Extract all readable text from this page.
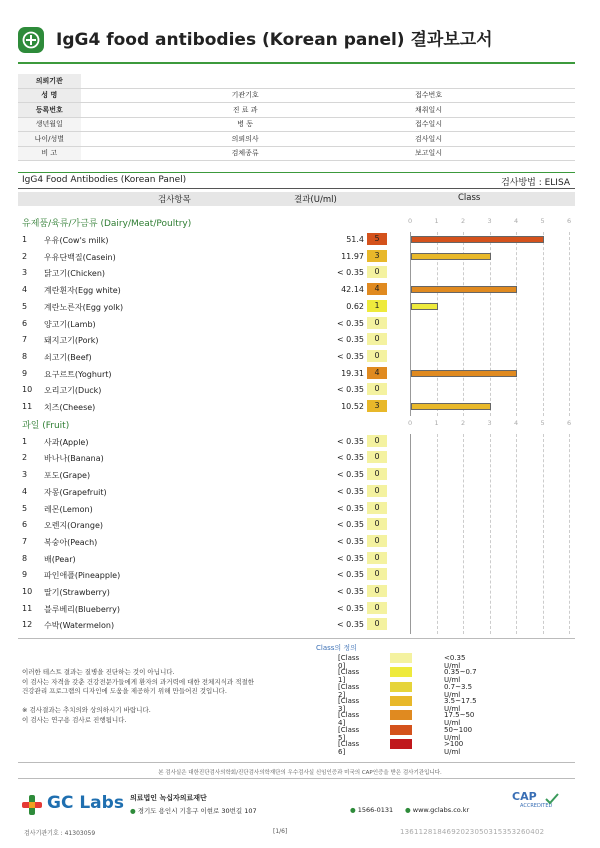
IgG4 food antibodies (Korean panel) 결과보고서
의뢰기관					
성 명		기관기호		접수번호	
등록번호		진 료 과		채취일시	
생년월일		병 동		접수일시	
나이/성별		의뢰의사		검사일시	
비 고		검체종류		보고일시	
IgG4 Food Antibodies (Korean Panel)	검사방법 : ELISA
검사항목	결과(U/ml)	Class
유제품/육류/가금류 (Dairy/Meat/Poultry)	0	1	2	3	4	5	6
1 우유(Cow's milk)	51.4	5
2 우유단백질(Casein)	11.97	3
3 닭고기(Chicken)	< 0.35	0
4 계란흰자(Egg white)	42.14	4
5 계란노른자(Egg yolk)	0.62	1
6 양고기(Lamb)	< 0.35	0
7 돼지고기(Pork)	< 0.35	0
8 쇠고기(Beef)	< 0.35	0
9 요구르트(Yoghurt)	19.31	4
10 오리고기(Duck)	< 0.35	0
11 치즈(Cheese)	10.52	3
과일 (Fruit)	0	1	2	3	4	5	6
1 사과(Apple)	< 0.35	0
2 바나나(Banana)	< 0.35	0
3 포도(Grape)	< 0.35	0
4 자몽(Grapefruit)	< 0.35	0
5 레몬(Lemon)	< 0.35	0
6 오렌지(Orange)	< 0.35	0
7 복숭아(Peach)	< 0.35	0
8 배(Pear)	< 0.35	0
9 파인애플(Pineapple)	< 0.35	0
10 딸기(Strawberry)	< 0.35	0
11 블루베리(Blueberry)	< 0.35	0
12 수박(Watermelon)	< 0.35	0
이러한 테스트 결과는 질병을 진단하는 것이 아닙니다.
이 검사는 자격을 갖춘 건강전문가들에게 환자의 과거력에 대한 전체지식과 적절한
건강관리 프로그램의 디자인에 도움을 제공하기 위해 만들어진 것입니다.
※ 검사결과는 추치의와 상의하시기 바랍니다.
이 검사는 연구용 검사로 진행됩니다.
Class의 정의
[Class 0]
<0.35 U/ml
[Class 1]
0.35~0.7 U/ml
[Class 2]
0.7~3.5 U/ml
[Class 3]
3.5~17.5 U/ml
[Class 4]
17.5~50 U/ml
[Class 5]
50~100 U/ml
[Class 6]
>100 U/ml
본 검사실은 대한진단검사의학회/진단검사의학재단의 우수검사실 신임인증과 미국의 CAP인증을 받은 검사기관입니다.
GC Labs 의료법인 녹십자의료재단
● 경기도 용인시 기흥구 이현로 30번길 107	● 1566-0131 ● www.gclabs.co.kr
CAP
ACCREDITED
검사기관기호 : 41303059	[1/6]	1361128184692023050315353260402
